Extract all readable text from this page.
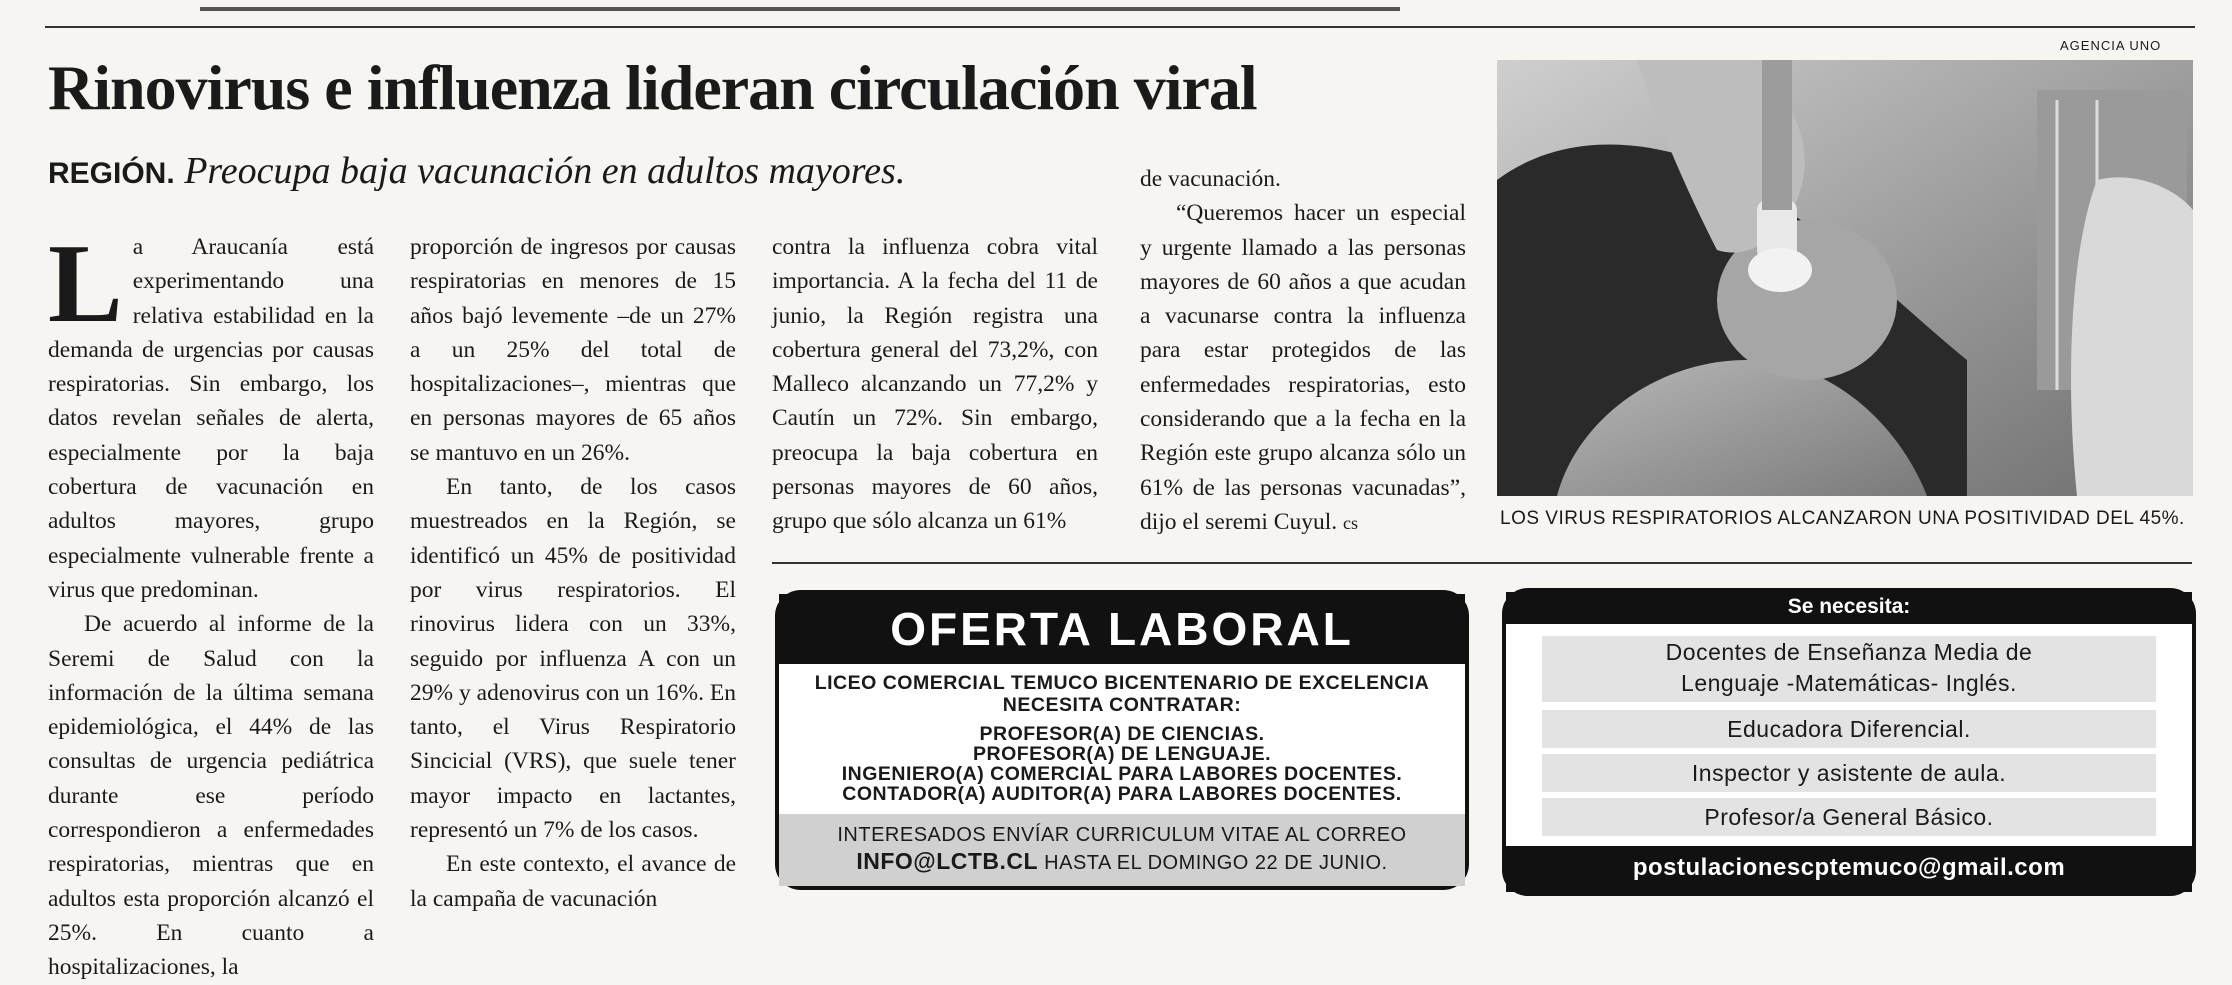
Rinovirus e influenza lideran circulación viral
REGIÓN. Preocupa baja vacunación en adultos mayores.

La Araucanía está experimentando una relativa estabilidad en la demanda de urgencias por causas respiratorias. Sin embargo, los datos revelan señales de alerta, especialmente por la baja cobertura de vacunación en adultos mayores, grupo especialmente vulnerable frente a virus que predominan.

De acuerdo al informe de la Seremi de Salud con la información de la última semana epidemiológica, el 44% de las consultas de urgencia pediátrica durante ese período correspondieron a enfermedades respiratorias, mientras que en adultos esta proporción alcanzó el 25%. En cuanto a hospitalizaciones, la

proporción de ingresos por causas respiratorias en menores de 15 años bajó levemente –de un 27% a un 25% del total de hospitalizaciones–, mientras que en personas mayores de 65 años se mantuvo en un 26%.

En tanto, de los casos muestreados en la Región, se identificó un 45% de positividad por virus respiratorios. El rinovirus lidera con un 33%, seguido por influenza A con un 29% y adenovirus con un 16%. En tanto, el Virus Respiratorio Sincicial (VRS), que suele tener mayor impacto en lactantes, representó un 7% de los casos.

En este contexto, el avance de la campaña de vacunación

contra la influenza cobra vital importancia. A la fecha del 11 de junio, la Región registra una cobertura general del 73,2%, con Malleco alcanzando un 77,2% y Cautín un 72%. Sin embargo, preocupa la baja cobertura en personas mayores de 60 años, grupo que sólo alcanza un 61%

de vacunación.

“Queremos hacer un especial y urgente llamado a las personas mayores de 60 años a que acudan a vacunarse contra la influenza para estar protegidos de las enfermedades respiratorias, esto considerando que a la fecha en la Región este grupo alcanza sólo un 61% de las personas vacunadas”, dijo el seremi Cuyul. cs

AGENCIA UNO
LOS VIRUS RESPIRATORIOS ALCANZARON UNA POSITIVIDAD DEL 45%.
OFERTA LABORAL
LICEO COMERCIAL TEMUCO BICENTENARIO DE EXCELENCIA
NECESITA CONTRATAR:
PROFESOR(A) DE CIENCIAS.
PROFESOR(A) DE LENGUAJE.
INGENIERO(A) COMERCIAL PARA LABORES DOCENTES.
CONTADOR(A) AUDITOR(A) PARA LABORES DOCENTES.
INTERESADOS ENVÍAR CURRICULUM VITAE AL CORREO
INFO@LCTB.CL HASTA EL DOMINGO 22 DE JUNIO.
Se necesita:
Docentes de Enseñanza Media de
Lenguaje -Matemáticas- Inglés.
Educadora Diferencial.
Inspector y asistente de aula.
Profesor/a General Básico.
postulacionescptemuco@gmail.com
